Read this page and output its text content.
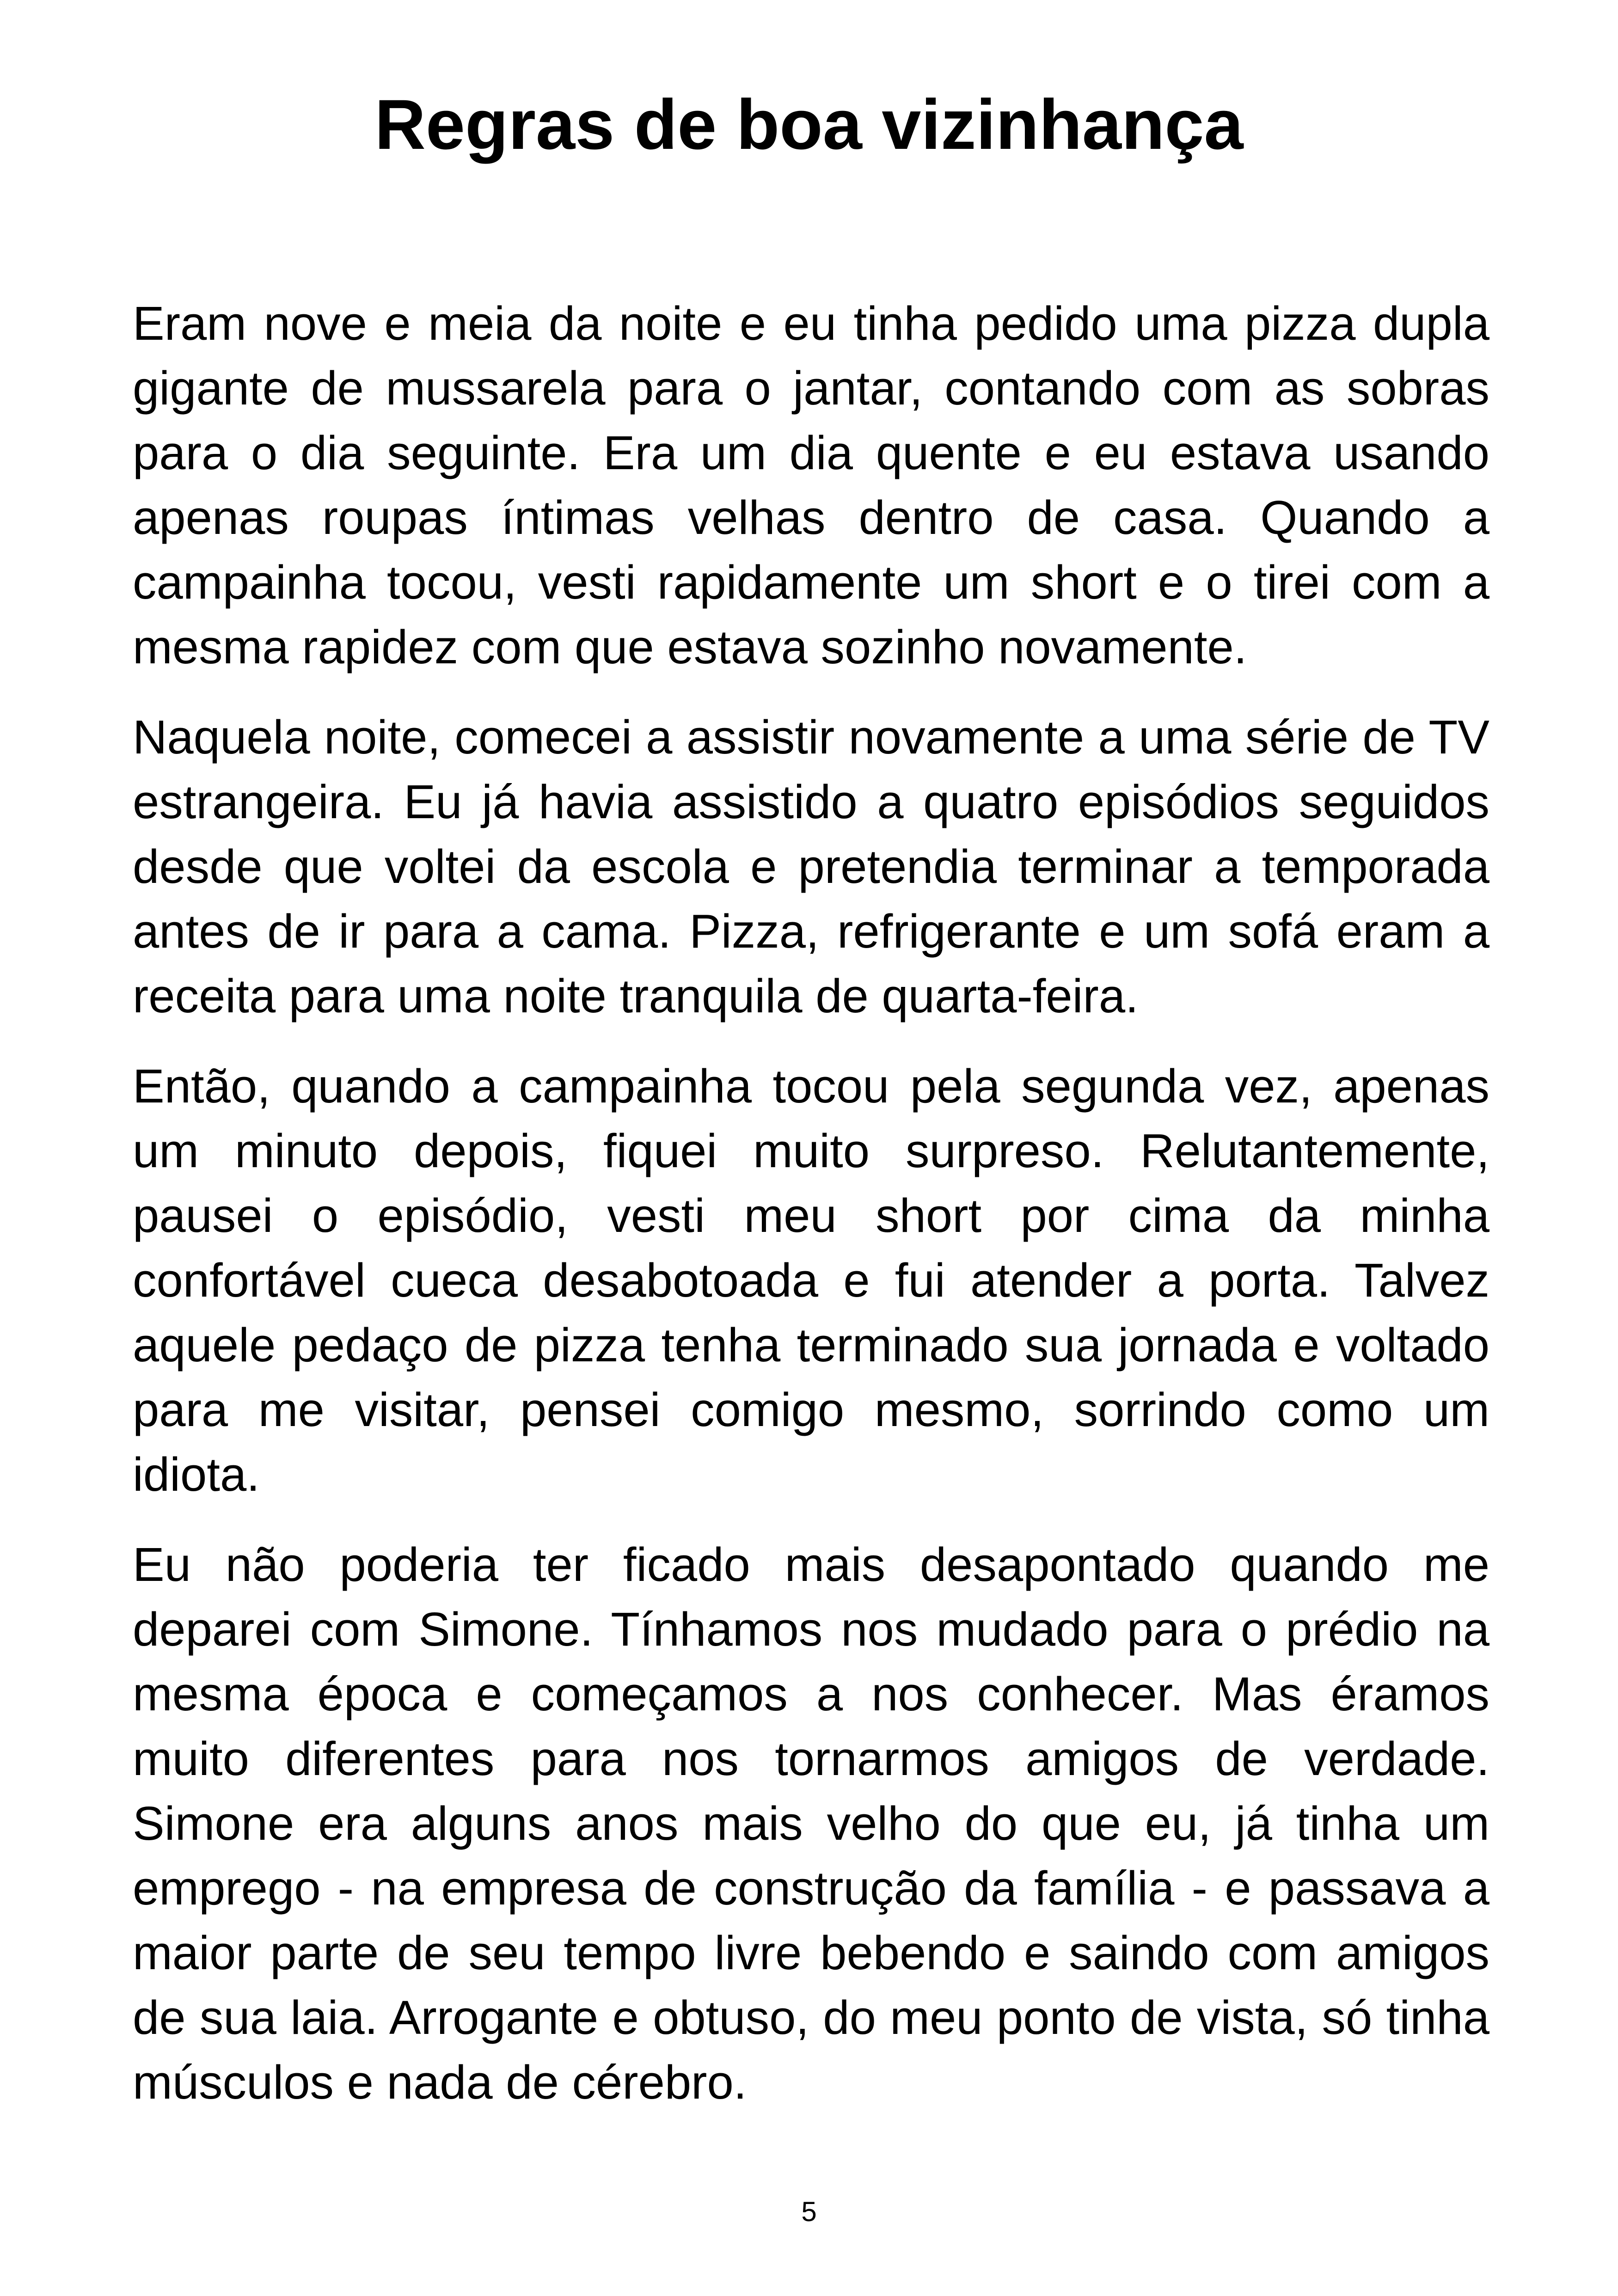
Regras de boa vizinhança

Eram nove e meia da noite e eu tinha pedido uma pizza dupla gigante de mussarela para o jantar, contando com as sobras para o dia seguinte. Era um dia quente e eu estava usando apenas roupas íntimas velhas dentro de casa. Quando a campainha tocou, vesti rapidamente um short e o tirei com a mesma rapidez com que estava sozinho novamente.

Naquela noite, comecei a assistir novamente a uma série de TV estrangeira. Eu já havia assistido a quatro episódios seguidos desde que voltei da escola e pretendia terminar a temporada antes de ir para a cama. Pizza, refrigerante e um sofá eram a receita para uma noite tranquila de quarta-feira.

Então, quando a campainha tocou pela segunda vez, apenas um minuto depois, fiquei muito surpreso. Relutantemente, pausei o episódio, vesti meu short por cima da minha confortável cueca desabotoada e fui atender a porta. Talvez aquele pedaço de pizza tenha terminado sua jornada e voltado para me visitar, pensei comigo mesmo, sorrindo como um idiota.

Eu não poderia ter ficado mais desapontado quando me deparei com Simone. Tínhamos nos mudado para o prédio na mesma época e começamos a nos conhecer. Mas éramos muito diferentes para nos tornarmos amigos de verdade. Simone era alguns anos mais velho do que eu, já tinha um emprego - na empresa de construção da família - e passava a maior parte de seu tempo livre bebendo e saindo com amigos de sua laia. Arrogante e obtuso, do meu ponto de vista, só tinha músculos e nada de cérebro.

5
